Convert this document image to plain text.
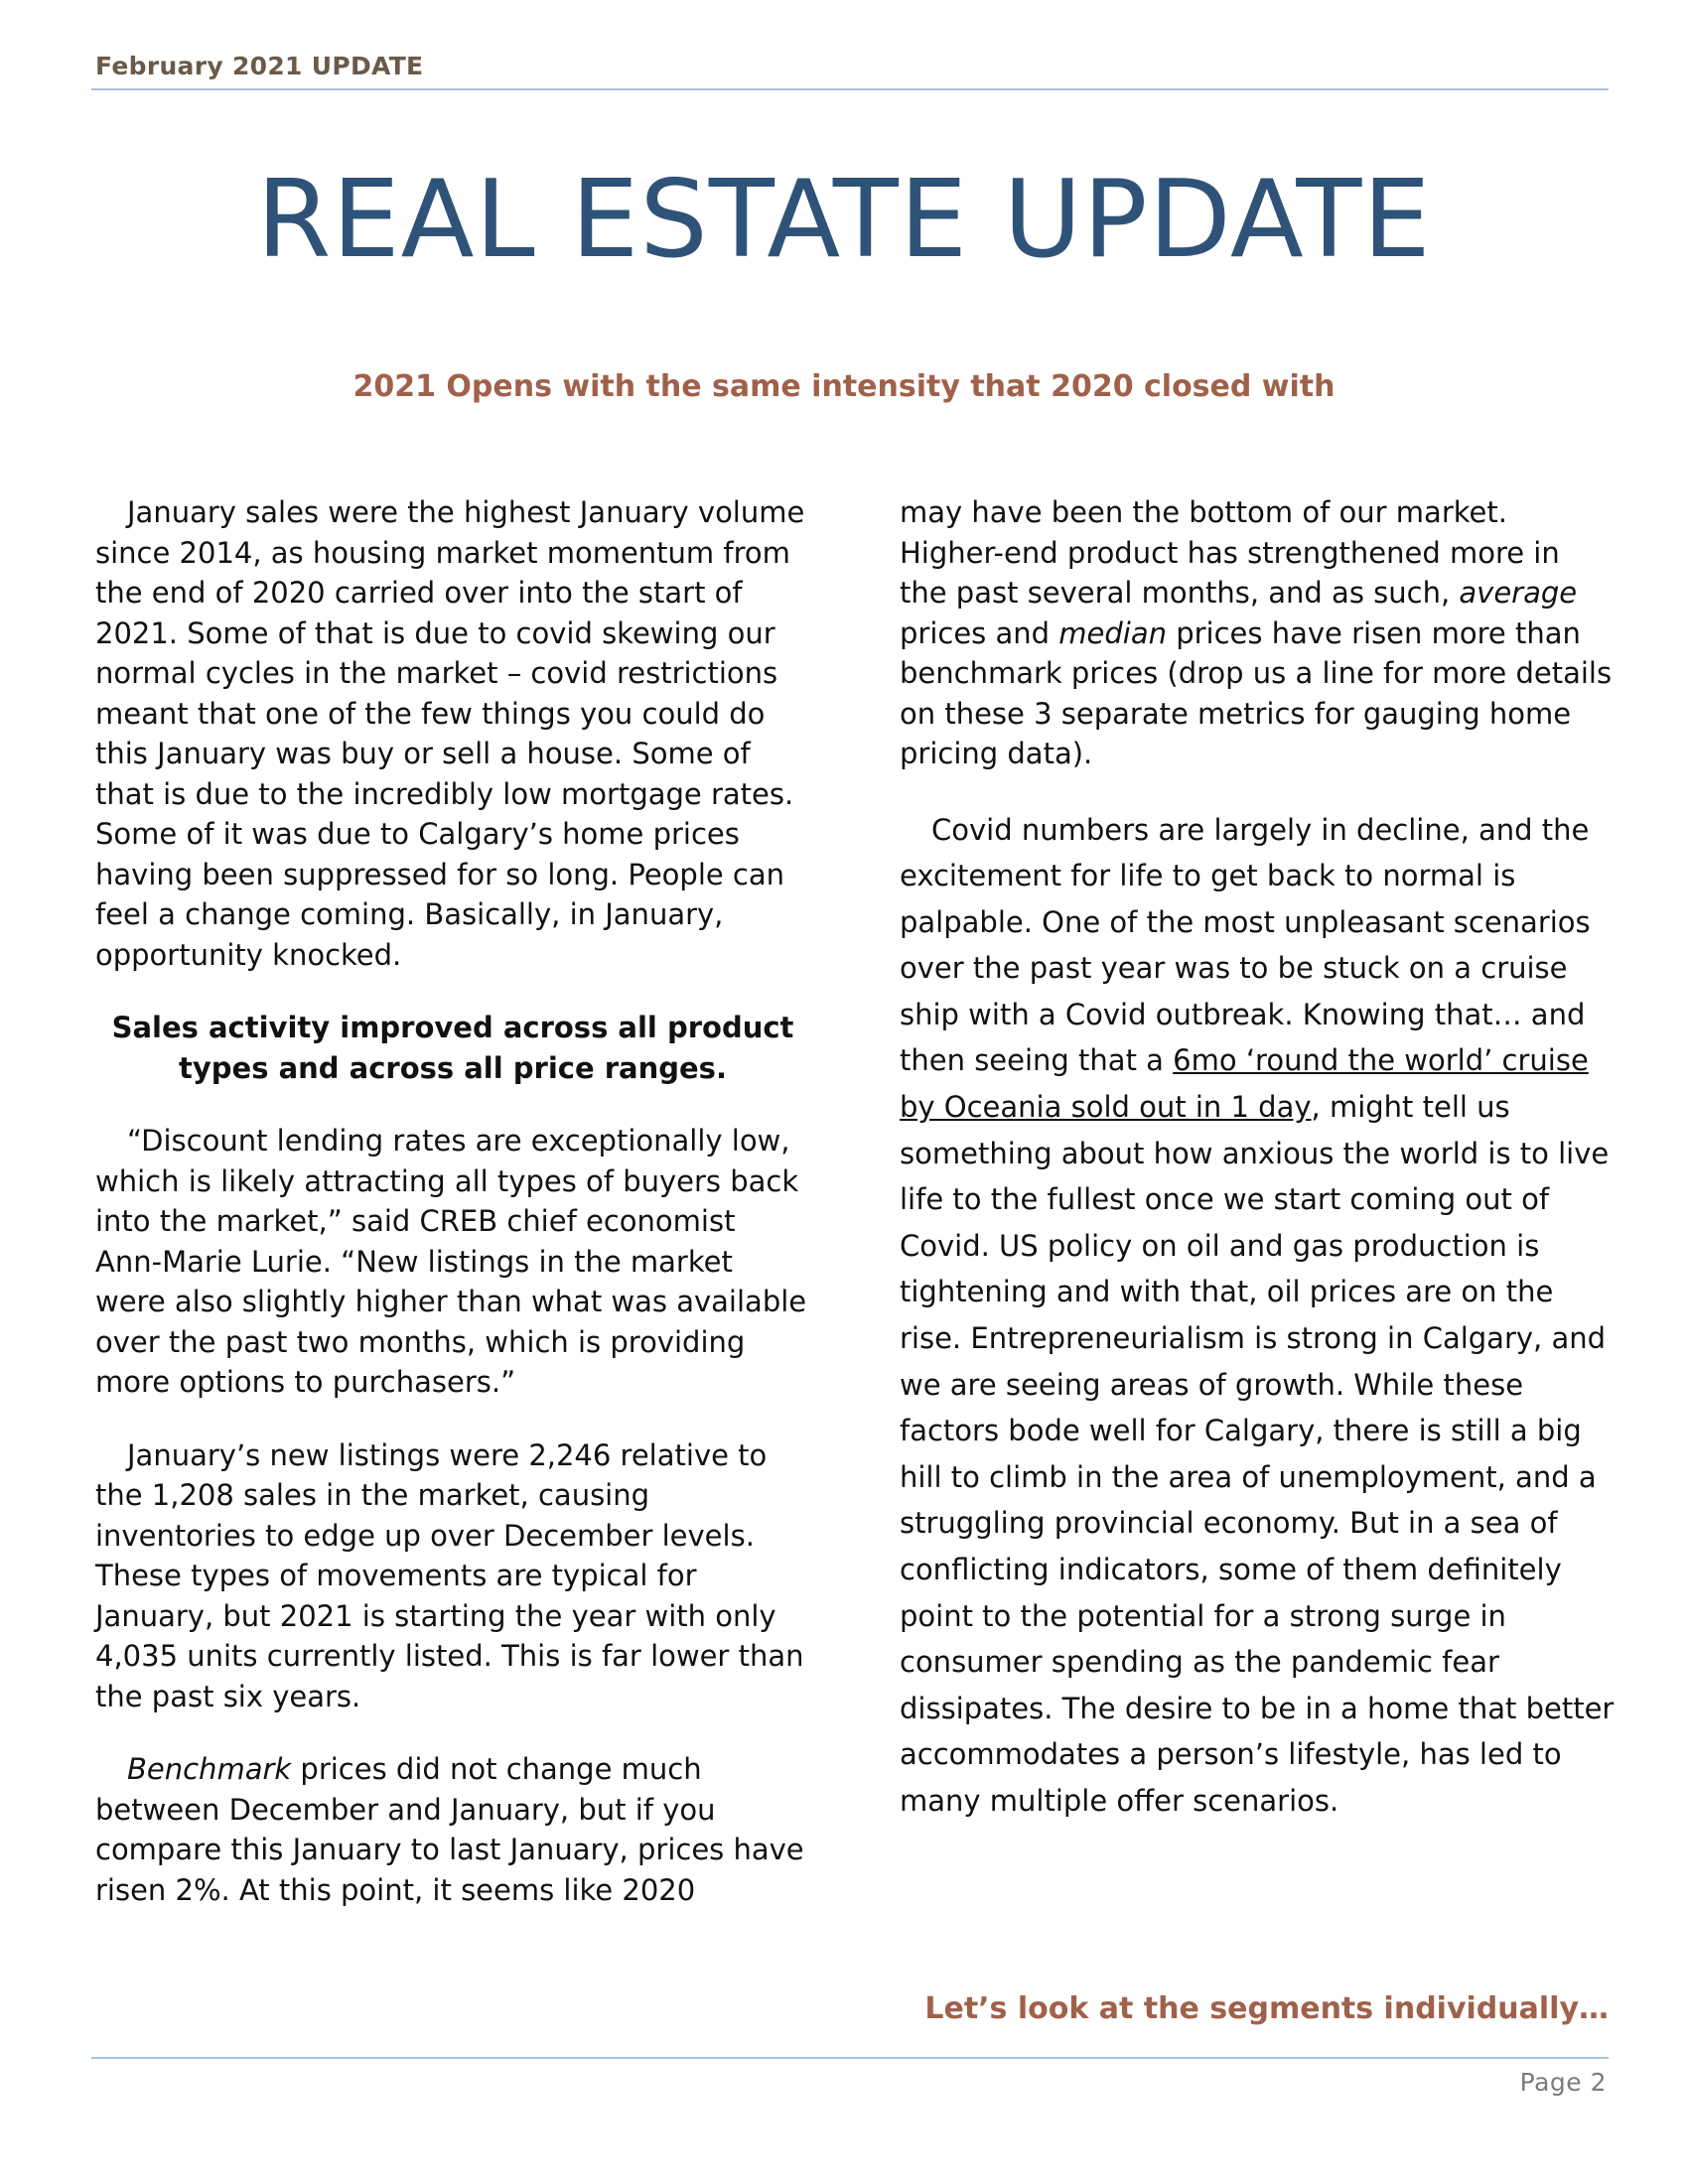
February 2021 UPDATE
REAL ESTATE UPDATE
2021 Opens with the same intensity that 2020 closed with

January sales were the highest January volume since 2014, as housing market momentum from the end of 2020 carried over into the start of 2021. Some of that is due to covid skewing our normal cycles in the market – covid restrictions meant that one of the few things you could do this January was buy or sell a house. Some of that is due to the incredibly low mortgage rates. Some of it was due to Calgary’s home prices having been suppressed for so long. People can feel a change coming. Basically, in January, opportunity knocked.

Sales activity improved across all product types and across all price ranges.

“Discount lending rates are exceptionally low, which is likely attracting all types of buyers back into the market,” said CREB chief economist Ann-Marie Lurie. “New listings in the market were also slightly higher than what was available over the past two months, which is providing more options to purchasers.”

January’s new listings were 2,246 relative to the 1,208 sales in the market, causing inventories to edge up over December levels. These types of movements are typical for January, but 2021 is starting the year with only 4,035 units currently listed. This is far lower than the past six years.

Benchmark prices did not change much between December and January, but if you compare this January to last January, prices have risen 2%. At this point, it seems like 2020

may have been the bottom of our market. Higher-end product has strengthened more in the past several months, and as such, average prices and median prices have risen more than benchmark prices (drop us a line for more details on these 3 separate metrics for gauging home pricing data).

Covid numbers are largely in decline, and the excitement for life to get back to normal is palpable. One of the most unpleasant scenarios over the past year was to be stuck on a cruise ship with a Covid outbreak. Knowing that… and then seeing that a 6mo ‘round the world’ cruise by Oceania sold out in 1 day, might tell us something about how anxious the world is to live life to the fullest once we start coming out of Covid. US policy on oil and gas production is tightening and with that, oil prices are on the rise. Entrepreneurialism is strong in Calgary, and we are seeing areas of growth. While these factors bode well for Calgary, there is still a big hill to climb in the area of unemployment, and a struggling provincial economy. But in a sea of conflicting indicators, some of them definitely point to the potential for a strong surge in consumer spending as the pandemic fear dissipates. The desire to be in a home that better accommodates a person’s lifestyle, has led to many multiple offer scenarios.

Let’s look at the segments individually…
Page 2
